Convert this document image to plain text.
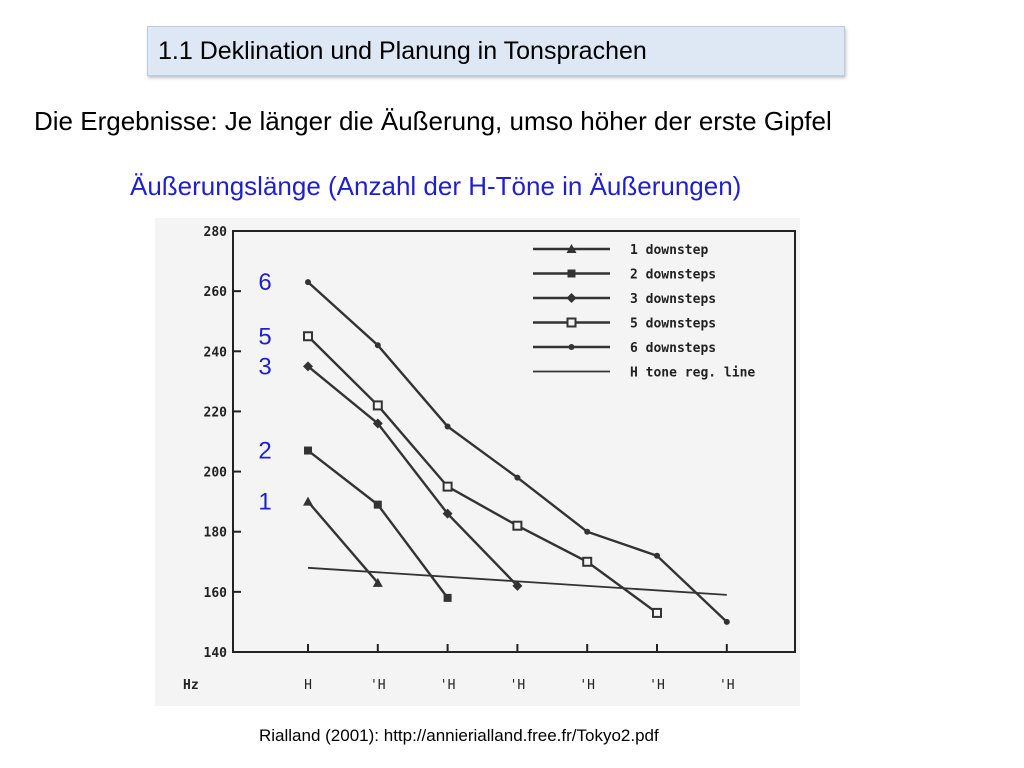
1.1 Deklination und Planung in Tonsprachen
Die Ergebnisse: Je länger die Äußerung, umso höher der erste Gipfel
Äußerungslänge (Anzahl der H-Töne in Äußerungen)
140
160
180
200
220
240
260
280
Hz	H	'H	'H	'H	'H	'H	'H
1 downstep
2 downsteps
3 downsteps
5 downsteps
6 downsteps
H tone reg. line
6
5
3
2
1
Rialland (2001): http://annierialland.free.fr/Tokyo2.pdf
